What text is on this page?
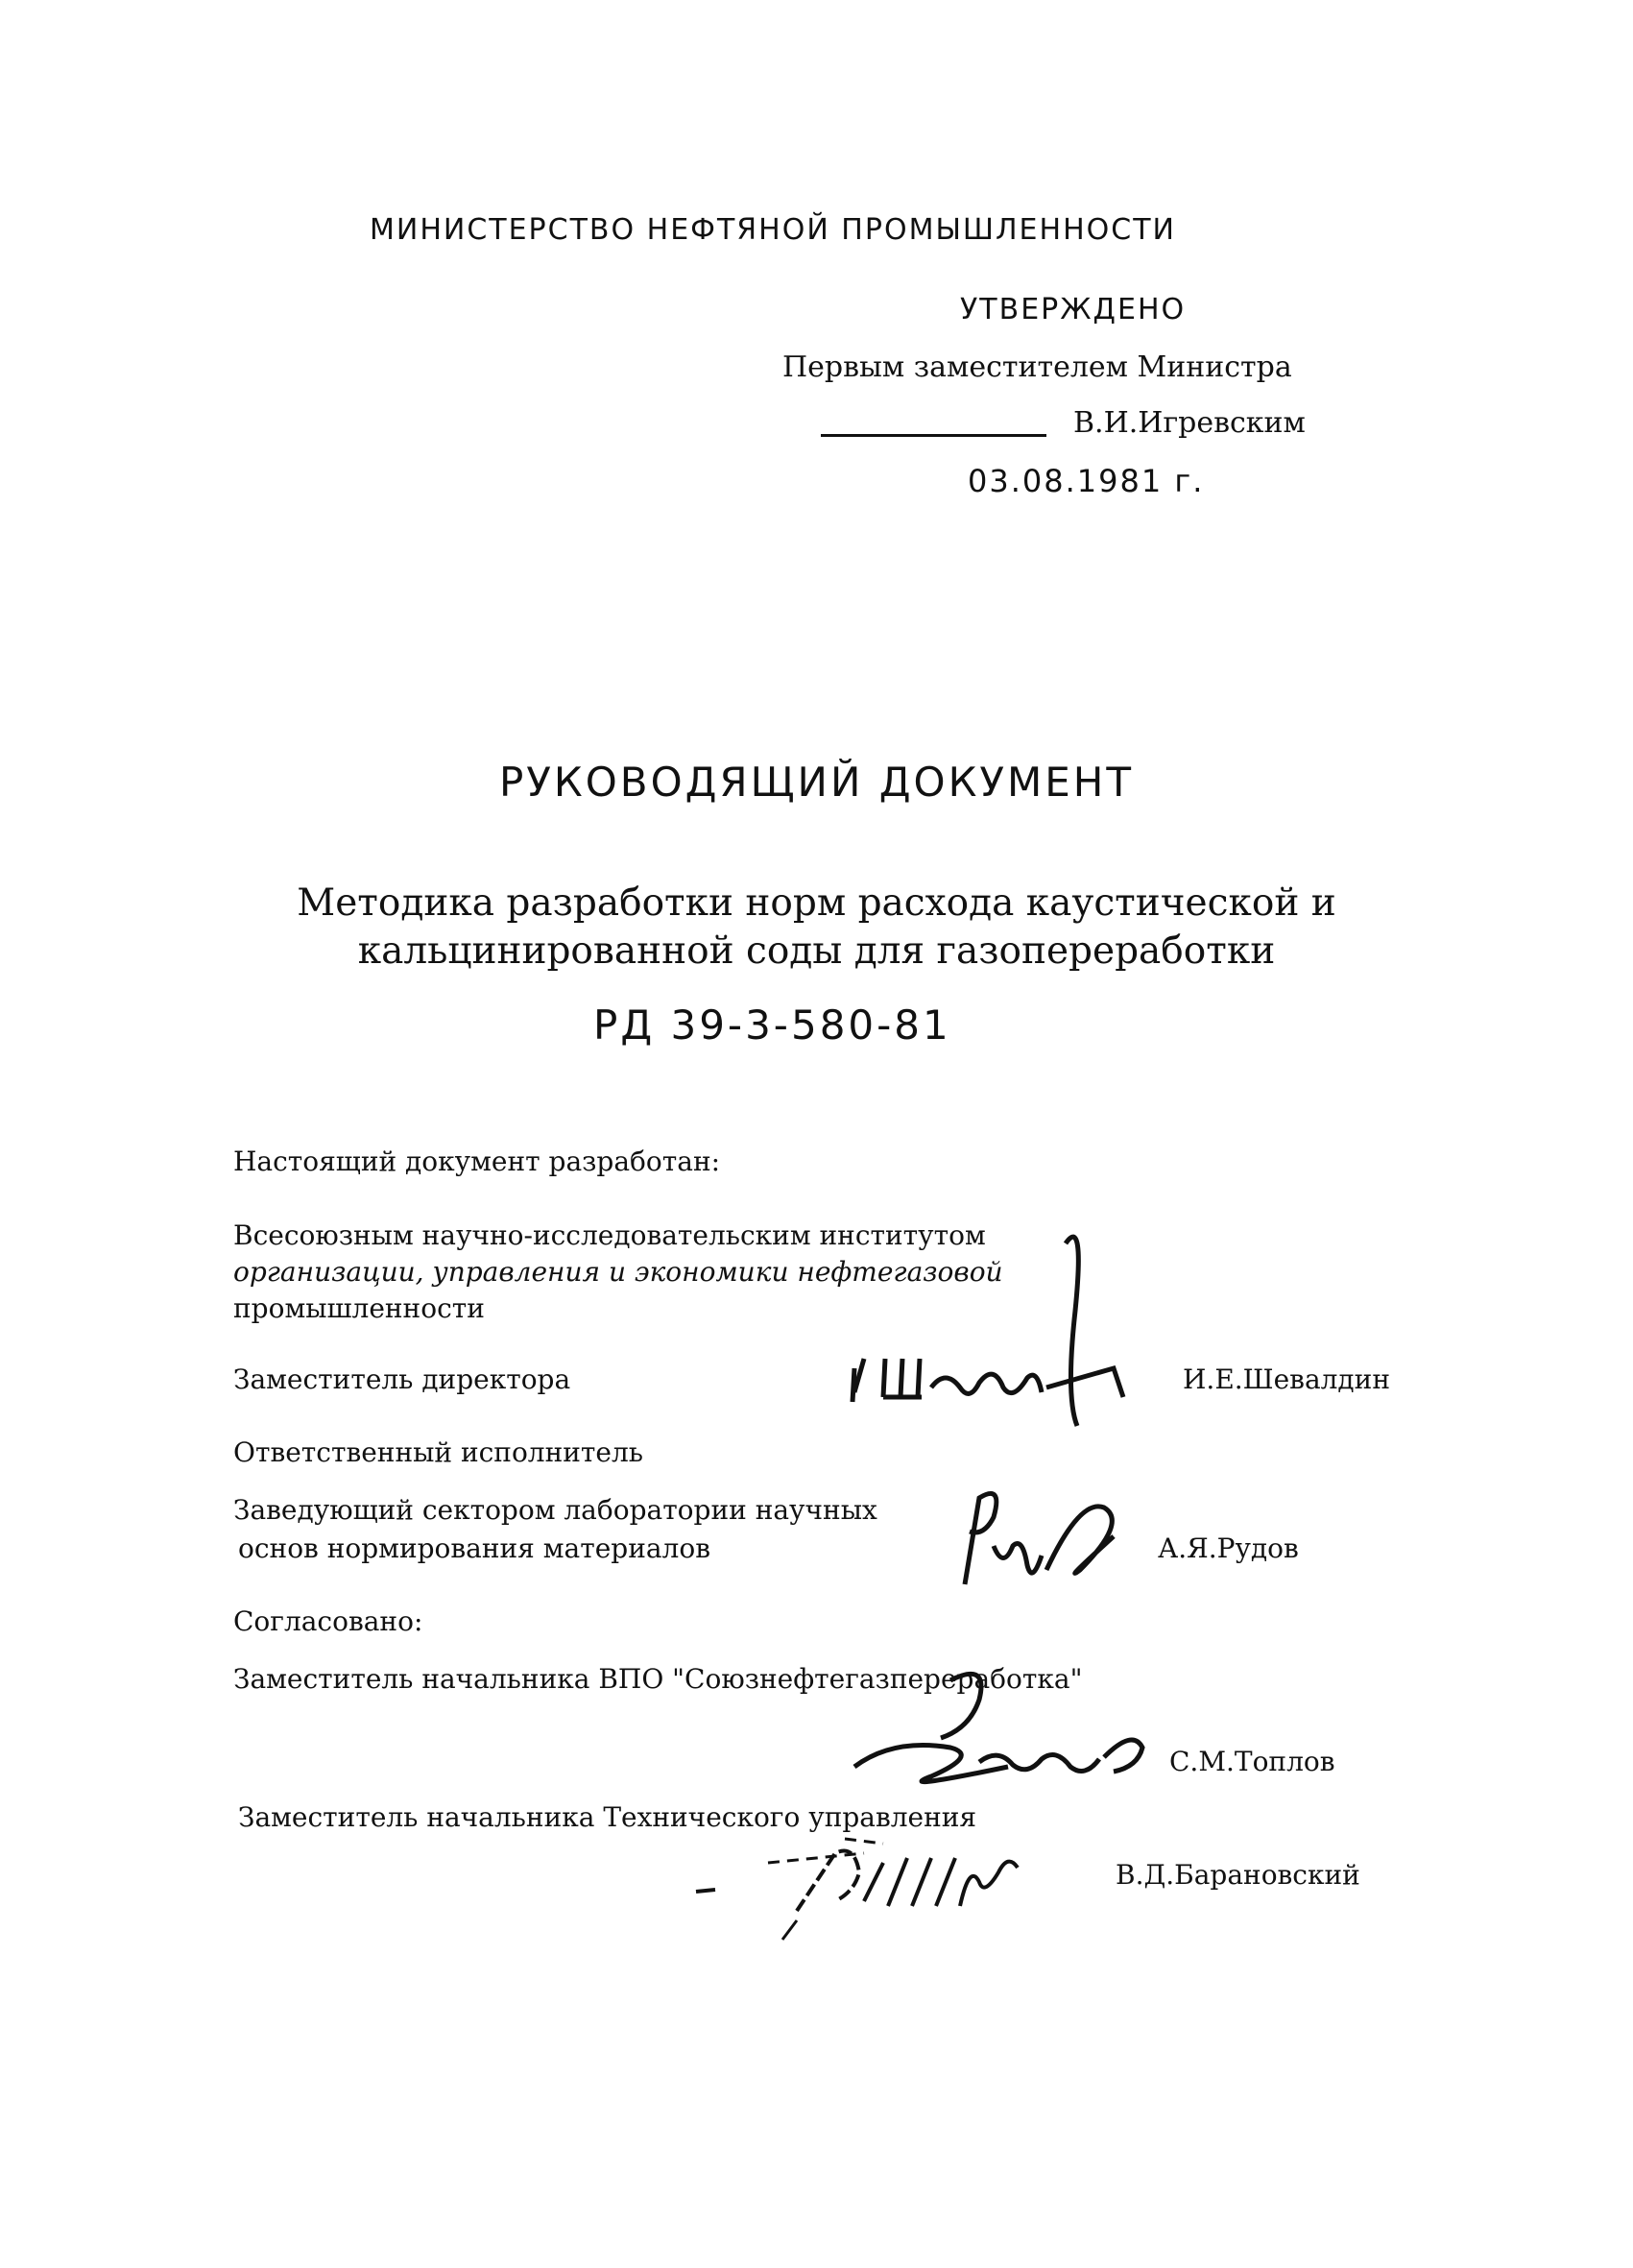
МИНИСТЕРСТВО НЕФТЯНОЙ ПРОМЫШЛЕННОСТИ
УТВЕРЖДЕНО
Первым заместителем Министра
В.И.Игревским
03.08.1981 г.
РУКОВОДЯЩИЙ ДОКУМЕНТ
Методика разработки норм расхода каустической и
кальцинированной соды для газопереработки
РД 39-3-580-81
Настоящий документ разработан:
Всесоюзным научно-исследовательским институтом
организации, управления и экономики нефтегазовой
промышленности
Заместитель директора	И.Е.Шевалдин
Ответственный исполнитель
Заведующий сектором лаборатории научных
основ нормирования материалов	А.Я.Рудов
Согласовано:
Заместитель начальника ВПО "Союзнефтегазпереработка"
С.М.Топлов
Заместитель начальника Технического управления
В.Д.Барановский
